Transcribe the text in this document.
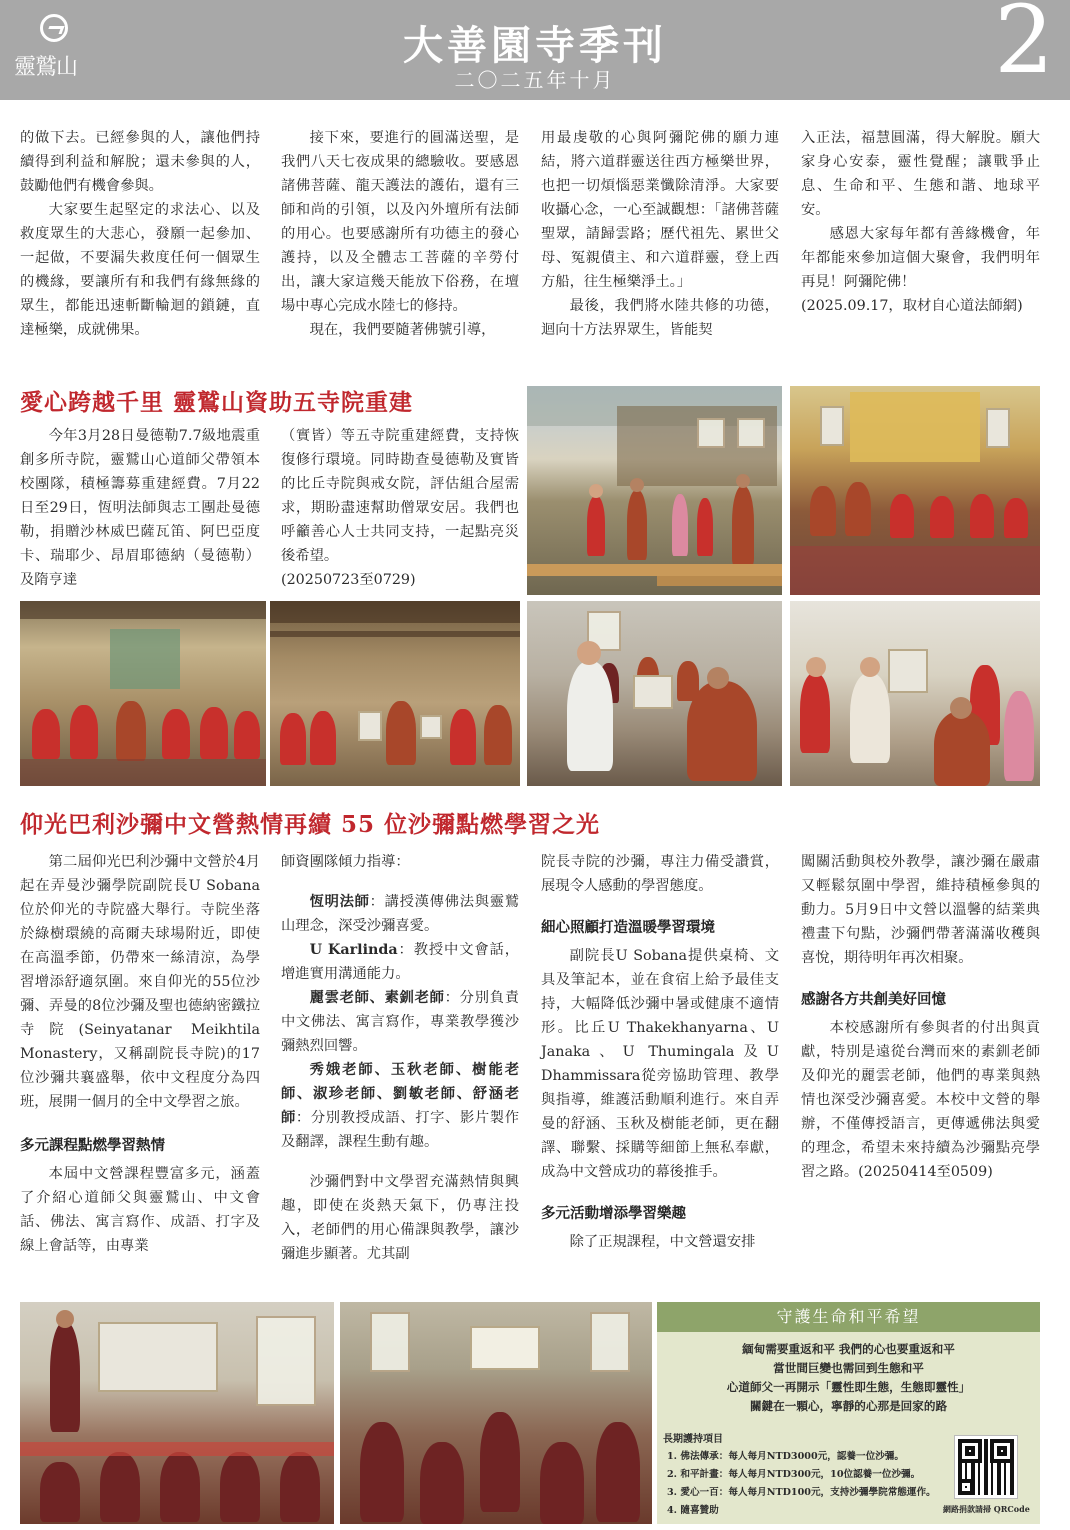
靈鷲山	大善園寺季刊
二〇二五年十月	2

的做下去。已經參與的人，讓他們持續得到利益和解脫；還未參與的人，鼓勵他們有機會參與。

大家要生起堅定的求法心、以及救度眾生的大悲心，發願一起參加、一起做，不要漏失救度任何一個眾生的機緣，要讓所有和我們有緣無緣的眾生，都能迅速斬斷輪迴的鎖鏈，直達極樂，成就佛果。

接下來，要進行的圓滿送聖，是我們八天七夜成果的總驗收。要感恩諸佛菩薩、龍天護法的護佑，還有三師和尚的引領，以及內外壇所有法師的用心。也要感謝所有功德主的發心護持，以及全體志工菩薩的辛勞付出，讓大家這幾天能放下俗務，在壇場中專心完成水陸七的修持。

現在，我們要隨著佛號引導，

用最虔敬的心與阿彌陀佛的願力連結，將六道群靈送往西方極樂世界，也把一切煩惱惡業懺除清淨。大家要收攝心念，一心至誠觀想：「諸佛菩薩聖眾，請歸雲路；歷代祖先、累世父母、冤親債主、和六道群靈，登上西方船，往生極樂淨土。」

最後，我們將水陸共修的功德，迴向十方法界眾生，皆能契

入正法，福慧圓滿，得大解脫。願大家身心安泰，靈性覺醒；讓戰爭止息、生命和平、生態和諧、地球平安。

感恩大家每年都有善緣機會，年年都能來參加這個大聚會，我們明年再見！阿彌陀佛！

(2025.09.17，取材自心道法師網)

愛心跨越千里 靈鷲山資助五寺院重建

今年3月28日曼德勒7.7級地震重創多所寺院，靈鷲山心道師父帶領本校團隊，積極籌募重建經費。7月22日至29日，恆明法師與志工團赴曼德勒，捐贈沙林威巴薩瓦笛、阿巴亞度卡、瑞耶少、昂眉耶德納（曼德勒）及隋亨達

（實皆）等五寺院重建經費，支持恢復修行環境。同時勘查曼德勒及實皆的比丘寺院與戒女院，評估組合屋需求，期盼盡速幫助僧眾安居。我們也呼籲善心人士共同支持，一起點亮災後希望。

(20250723至0729)

仰光巴利沙彌中文營熱情再續 55 位沙彌點燃學習之光

第二屆仰光巴利沙彌中文營於4月起在弄曼沙彌學院副院長U Sobana位於仰光的寺院盛大舉行。寺院坐落於綠樹環繞的高爾夫球場附近，即使在高溫季節，仍帶來一絲清涼，為學習增添舒適氛圍。來自仰光的55位沙彌、弄曼的8位沙彌及聖也德納密鐵拉寺院(Seinyatanar Meikhtila Monastery，又稱副院長寺院)的17位沙彌共襄盛舉，依中文程度分為四班，展開一個月的全中文學習之旅。

多元課程點燃學習熱情

本屆中文營課程豐富多元，涵蓋了介紹心道師父與靈鷲山、中文會話、佛法、寓言寫作、成語、打字及線上會話等，由專業

師資團隊傾力指導：

恆明法師：講授漢傳佛法與靈鷲山理念，深受沙彌喜愛。

U Karlinda：教授中文會話，增進實用溝通能力。

麗雲老師、素釧老師：分別負責中文佛法、寓言寫作，專業教學獲沙彌熱烈回響。

秀娥老師、玉秋老師、樹能老師、淑珍老師、劉敏老師、舒涵老師：分別教授成語、打字、影片製作及翻譯，課程生動有趣。

沙彌們對中文學習充滿熱情與興趣，即使在炎熱天氣下，仍專注投入，老師們的用心備課與教學，讓沙彌進步顯著。尤其副

院長寺院的沙彌，專注力備受讚賞，展現令人感動的學習態度。

細心照顧打造溫暖學習環境

副院長U Sobana提供桌椅、文具及筆記本，並在食宿上給予最佳支持，大幅降低沙彌中暑或健康不適情形。比丘U Thakekhanyarna、U Janaka、U Thumingala及U Dhammissara從旁協助管理、教學與指導，維護活動順利進行。來自弄曼的舒涵、玉秋及樹能老師，更在翻譯、聯繫、採購等細節上無私奉獻，成為中文營成功的幕後推手。

多元活動增添學習樂趣

除了正規課程，中文營還安排

闖關活動與校外教學，讓沙彌在嚴肅又輕鬆氛圍中學習，維持積極參與的動力。5月9日中文營以溫馨的結業典禮畫下句點，沙彌們帶著滿滿收穫與喜悅，期待明年再次相聚。

感謝各方共創美好回憶

本校感謝所有參與者的付出與貢獻，特別是遠從台灣而來的素釧老師及仰光的麗雲老師，他們的專業與熱情也深受沙彌喜愛。本校中文營的舉辦，不僅傳授語言，更傳遞佛法與愛的理念，希望未來持續為沙彌點亮學習之路。(20250414至0509)

守護生命和平希望
緬甸需要重返和平 我們的心也要重返和平
當世間巨變也需回到生態和平
心道師父一再開示「靈性即生態，生態即靈性」
關鍵在一顆心，寧靜的心那是回家的路
長期護持項目
1. 佛法傳承：每人每月NTD3000元，認養一位沙彌。
2. 和平計畫：每人每月NTD300元，10位認養一位沙彌。
3. 愛心一百：每人每月NTD100元，支持沙彌學院常態運作。
4. 隨喜贊助	網路捐款請掃 QRCode
